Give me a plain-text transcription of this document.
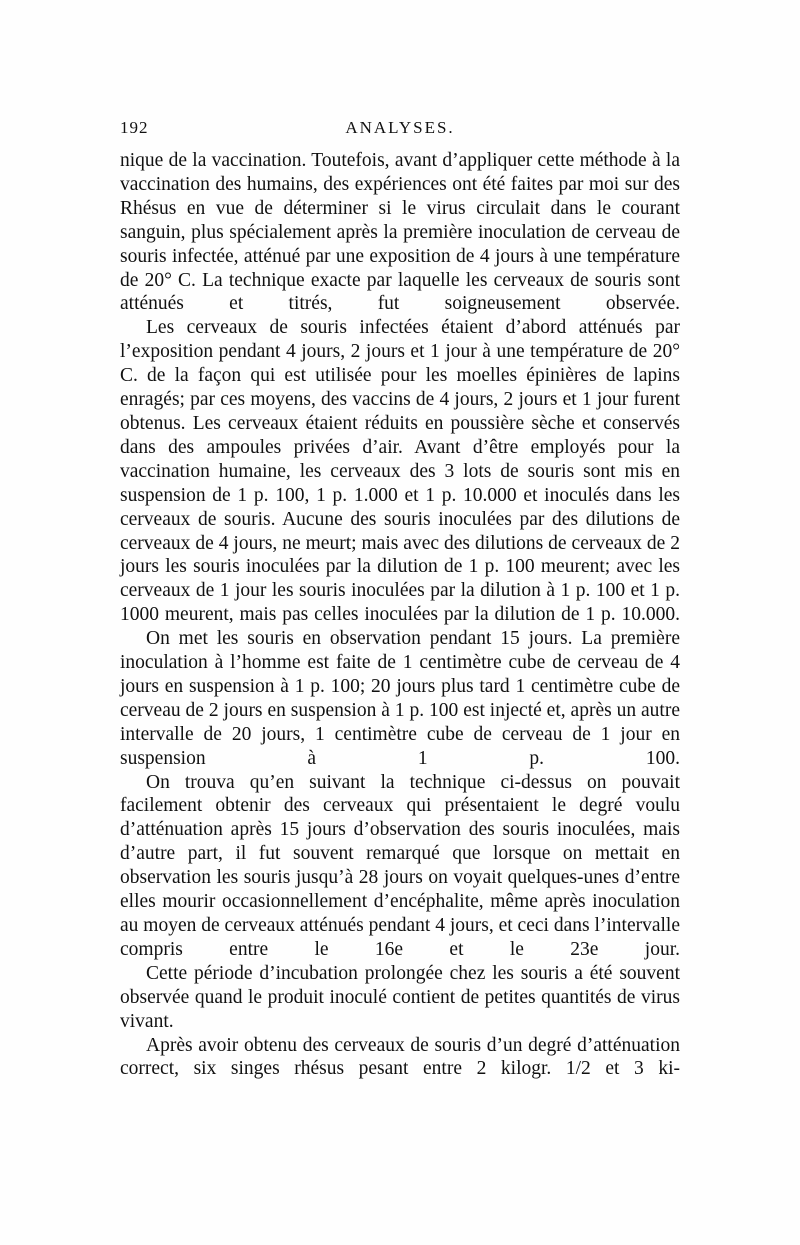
192	ANALYSES.

nique de la vaccination. Toutefois, avant d’appliquer cette méthode à la vaccination des humains, des expériences ont été faites par moi sur des Rhésus en vue de déterminer si le virus circulait dans le courant sanguin, plus spécialement après la première inoculation de cerveau de souris infectée, atténué par une exposition de 4 jours à une température de 20° C. La technique exacte par laquelle les cerveaux de souris sont atténués et titrés, fut soigneusement observée.

Les cerveaux de souris infectées étaient d’abord atténués par l’exposition pendant 4 jours, 2 jours et 1 jour à une température de 20° C. de la façon qui est utilisée pour les moelles épinières de lapins enragés; par ces moyens, des vaccins de 4 jours, 2 jours et 1 jour furent obtenus. Les cerveaux étaient réduits en poussière sèche et conservés dans des ampoules privées d’air. Avant d’être employés pour la vaccination humaine, les cerveaux des 3 lots de souris sont mis en suspension de 1 p. 100, 1 p. 1.000 et 1 p. 10.000 et inoculés dans les cerveaux de souris. Aucune des souris inoculées par des dilutions de cerveaux de 4 jours, ne meurt; mais avec des dilutions de cerveaux de 2 jours les souris inoculées par la dilution de 1 p. 100 meurent; avec les cerveaux de 1 jour les souris inoculées par la dilution à 1 p. 100 et 1 p. 1000 meurent, mais pas celles inoculées par la dilution de 1 p. 10.000.

On met les souris en observation pendant 15 jours. La première inoculation à l’homme est faite de 1 centimètre cube de cerveau de 4 jours en suspension à 1 p. 100; 20 jours plus tard 1 centimètre cube de cerveau de 2 jours en suspension à 1 p. 100 est injecté et, après un autre intervalle de 20 jours, 1 centimètre cube de cerveau de 1 jour en suspension à 1 p. 100.

On trouva qu’en suivant la technique ci-dessus on pouvait facilement obtenir des cerveaux qui présentaient le degré voulu d’atténuation après 15 jours d’observation des souris inoculées, mais d’autre part, il fut souvent remarqué que lorsque on mettait en observation les souris jusqu’à 28 jours on voyait quelques-unes d’entre elles mourir occasionnellement d’encéphalite, même après inoculation au moyen de cerveaux atténués pendant 4 jours, et ceci dans l’intervalle compris entre le 16e et le 23e jour.

Cette période d’incubation prolongée chez les souris a été souvent observée quand le produit inoculé contient de petites quantités de virus vivant.

Après avoir obtenu des cerveaux de souris d’un degré d’atténuation correct, six singes rhésus pesant entre 2 kilogr. 1/2 et 3 ki-
